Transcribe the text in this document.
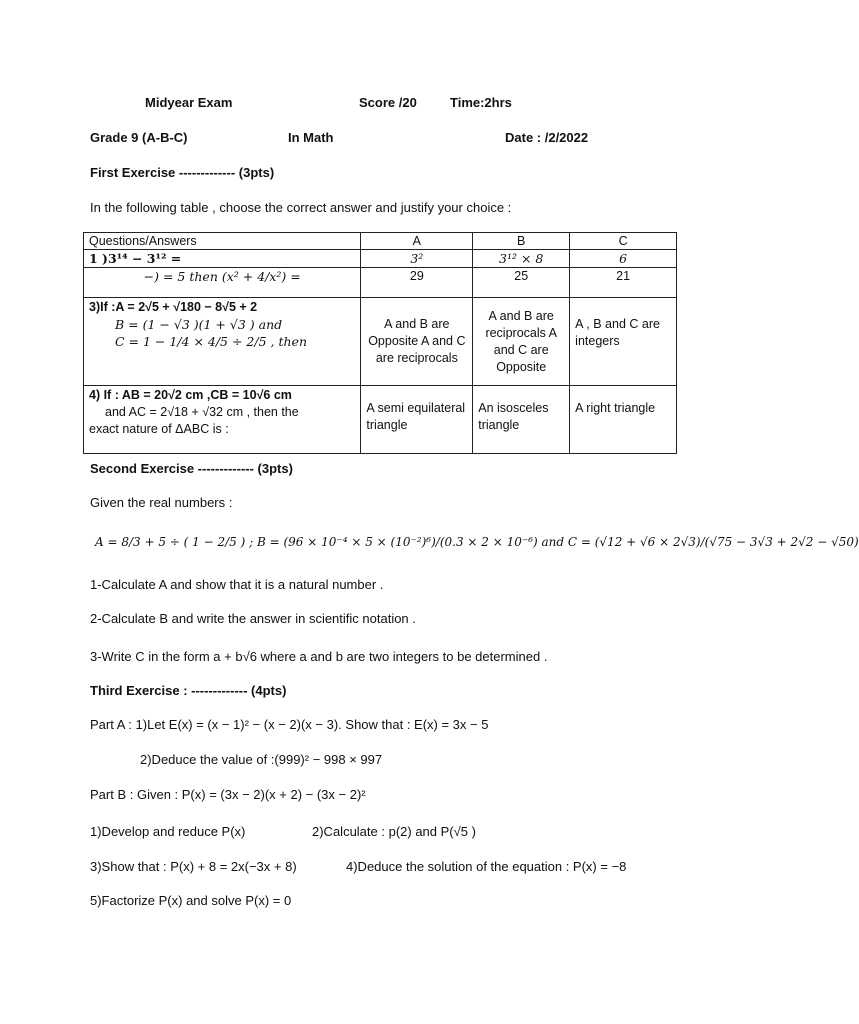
Midyear Exam	Score /20	Time:2hrs
Grade 9 (A-B-C)	In Math	Date : /2/2022
First Exercise ------------- (3pts)
In the following table , choose the correct answer and justify your choice :
Questions/Answers	A	B	C
1 )3¹⁴ − 3¹² =	3²	3¹² × 8	6
−) = 5 then (x² + 4/x²) =	29	25	21

3)If :A = 2√5 + √180 − 8√5 + 2
B = (1 − √3 )(1 + √3 ) and
C = 1 − 1/4 × 4/5 ÷ 2/5 , then	A and B are Opposite A and C are reciprocals	A and B are reciprocals A and C are Opposite	A , B and C are integers

4) If : AB = 20√2 cm ,CB = 10√6 cm
and AC = 2√18 + √32 cm , then the
exact nature of ΔABC is :	A semi equilateral triangle	An isosceles triangle	A right triangle
Second Exercise ------------- (3pts)
Given the real numbers :
A = 8/3 + 5 ÷ ( 1 − 2/5 ) ; B = (96 × 10⁻⁴ × 5 × (10⁻²)⁶)/(0.3 × 2 × 10⁻⁶) and C = (√12 + √6 × 2√3)/(√75 − 3√3 + 2√2 − √50)
1-Calculate A and show that it is a natural number .
2-Calculate B and write the answer in scientific notation .
3-Write C in the form a + b√6 where a and b are two integers to be determined .
Third Exercise : ------------- (4pts)
Part A : 1)Let E(x) = (x − 1)² − (x − 2)(x − 3). Show that : E(x) = 3x − 5
2)Deduce the value of :(999)² − 998 × 997
Part B : Given : P(x) = (3x − 2)(x + 2) − (3x − 2)²
1)Develop and reduce P(x)	2)Calculate : p(2) and P(√5 )
3)Show that : P(x) + 8 = 2x(−3x + 8)	4)Deduce the solution of the equation : P(x) = −8
5)Factorize P(x) and solve P(x) = 0
